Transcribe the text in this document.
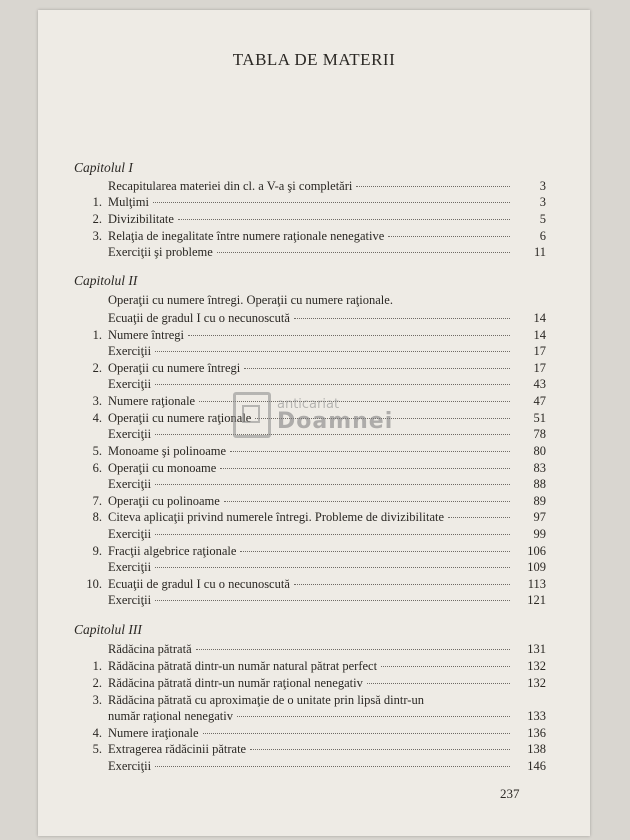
TABLA DE MATERII
Capitolul I
Recapitularea materiei din cl. a V-a şi completări	3
1. Mulţimi	3
2. Divizibilitate	5
3. Relaţia de inegalitate între numere raţionale nenegative	6
Exerciţii şi probleme	11
Capitolul II
Operaţii cu numere întregi. Operaţii cu numere raţionale.
Ecuaţii de gradul I cu o necunoscută	14
1. Numere întregi	14
Exerciţii	17
2. Operaţii cu numere întregi	17
Exerciţii	43
3. Numere raţionale	47
4. Operaţii cu numere raţionale	51
Exerciţii	78
5. Monoame şi polinoame	80
6. Operaţii cu monoame	83
Exerciţii	88
7. Operaţii cu polinoame	89
8. Citeva aplicaţii privind numerele întregi. Probleme de divizibilitate	97
Exerciţii	99
9. Fracţii algebrice raţionale	106
Exerciţii	109
10. Ecuaţii de gradul I cu o necunoscută	113
Exerciţii	121
Capitolul III
Rădăcina pătrată	131
1. Rădăcina pătrată dintr-un număr natural pătrat perfect	132
2. Rădăcina pătrată dintr-un număr raţional nenegativ	132
3. Rădăcina pătrată cu aproximaţie de o unitate prin lipsă dintr-un
număr raţional nenegativ	133
4. Numere iraţionale	136
5. Extragerea rădăcinii pătrate	138
Exerciţii	146
237
anticariat
Doamnei
